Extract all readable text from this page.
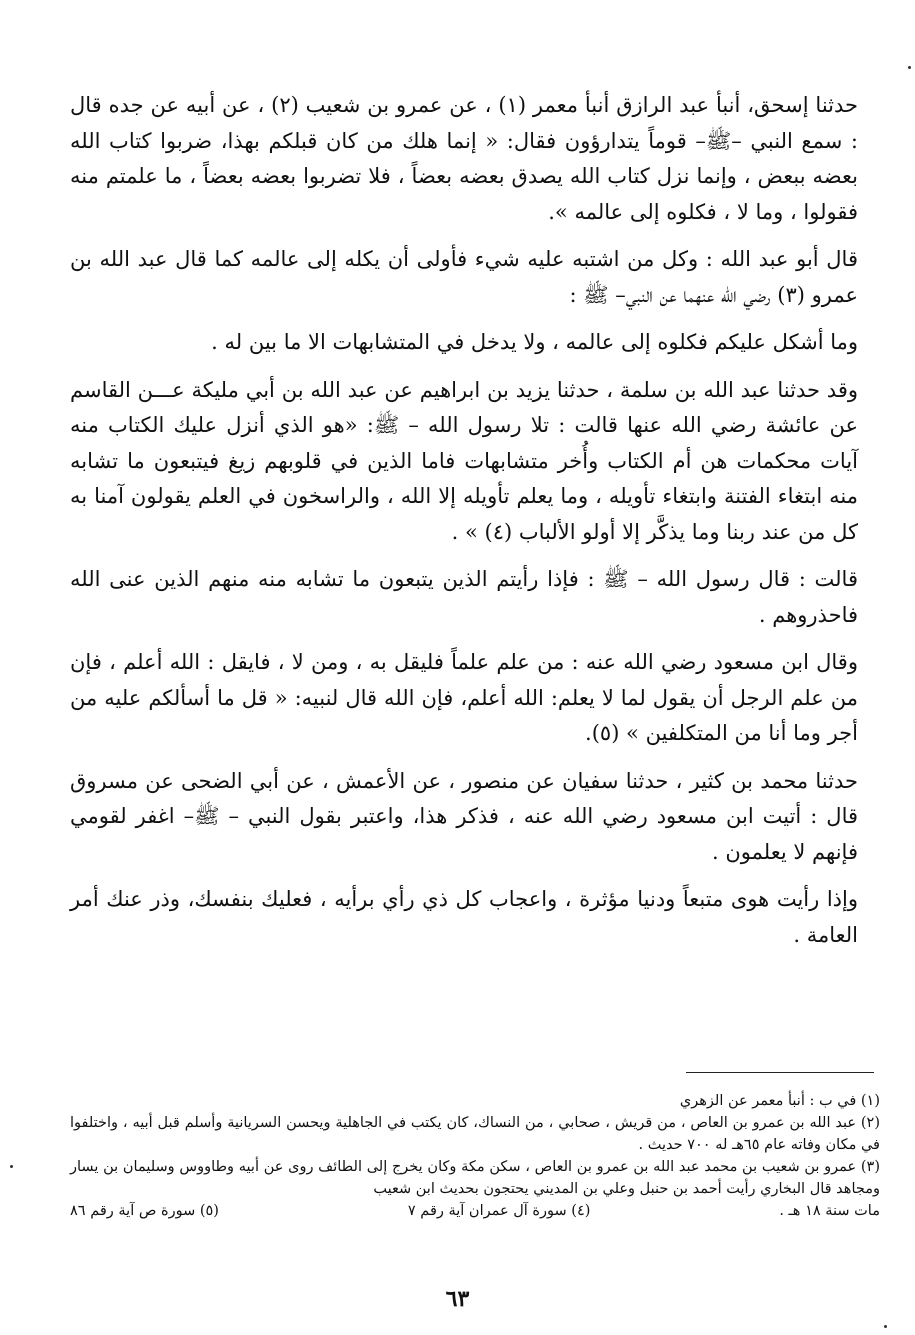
حدثنا إسحق، أنبأ عبد الرازق أنبأ معمر (١) ، عن عمرو بن شعيب (٢) ، عن أبيه عن جده قال : سمع النبي –ﷺ– قوماً يتدارؤون فقال: « إنما هلك من كان قبلكم بهذا، ضربوا كتاب الله بعضه ببعض ، وإنما نزل كتاب الله يصدق بعضه بعضاً ، فلا تضربوا بعضه بعضاً ، ما علمتم منه فقولوا ، وما لا ، فكلوه إلى عالمه ».

قال أبو عبد الله : وكل من اشتبه عليه شيء فأولى أن يكله إلى عالمه كما قال عبد الله بن عمرو (٣) رضي الله عنهما عن النبي– ﷺ :

وما أشكل عليكم فكلوه إلى عالمه ، ولا يدخل في المتشابهات الا ما بين له .

وقد حدثنا عبد الله بن سلمة ، حدثنا يزيد بن ابراهيم عن عبد الله بن أبي مليكة عـــن القاسم عن عائشة رضي الله عنها قالت : تلا رسول الله – ﷺ: «هو الذي أنزل عليك الكتاب منه آيات محكمات هن أم الكتاب وأُخر متشابهات فاما الذين في قلوبهم زيغ فيتبعون ما تشابه منه ابتغاء الفتنة وابتغاء تأويله ، وما يعلم تأويله إلا الله ، والراسخون في العلم يقولون آمنا به كل من عند ربنا وما يذكَّر إلا أولو الألباب (٤) » .

قالت : قال رسول الله – ﷺ : فإذا رأيتم الذين يتبعون ما تشابه منه منهم الذين عنى الله فاحذروهم .

وقال ابن مسعود رضي الله عنه : من علم علماً فليقل به ، ومن لا ، فايقل : الله أعلم ، فإن من علم الرجل أن يقول لما لا يعلم: الله أعلم، فإن الله قال لنبيه: « قل ما أسألكم عليه من أجر وما أنا من المتكلفين » (٥).

حدثنا محمد بن كثير ، حدثنا سفيان عن منصور ، عن الأعمش ، عن أبي الضحى عن مسروق قال : أتيت ابن مسعود رضي الله عنه ، فذكر هذا، واعتبر بقول النبي – ﷺ– اغفر لقومي فإنهم لا يعلمون .

وإذا رأيت هوى متبعاً ودنيا مؤثرة ، واعجاب كل ذي رأي برأيه ، فعليك بنفسك، وذر عنك أمر العامة .

(١) في ب : أنبأ معمر عن الزهري

(٢) عبد الله بن عمرو بن العاص ، من قريش ، صحابي ، من النساك، كان يكتب في الجاهلية ويحسن السريانية وأسلم قبل أبيه ، واختلفوا في مكان وفاته عام ٦٥هـ له ٧٠٠ حديث .

(٣) عمرو بن شعيب بن محمد عبد الله بن عمرو بن العاص ، سكن مكة وكان يخرج إلى الطائف روى عن أبيه وطاووس وسليمان بن يسار ومجاهد قال البخاري رأيت أحمد بن حنبل وعلي بن المديني يحتجون بحديث ابن شعيب

مات سنة ١٨ هـ .
(٤) سورة آل عمران آية رقم ٧
(٥) سورة ص آية رقم ٨٦
٦٣
